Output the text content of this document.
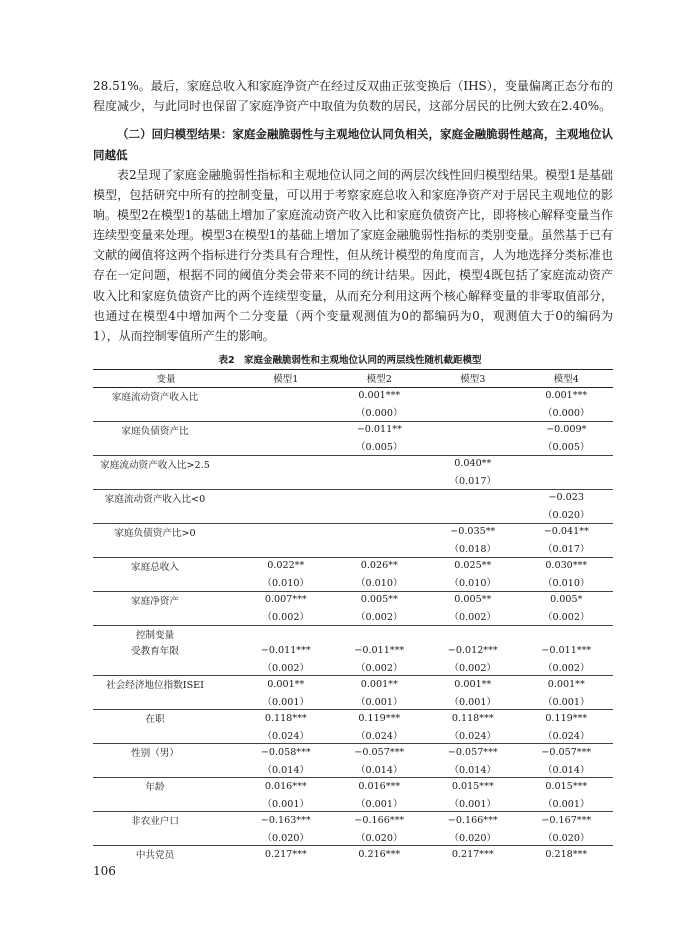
28.51%。最后，家庭总收入和家庭净资产在经过反双曲正弦变换后（IHS），变量偏离正态分布的程度减少，与此同时也保留了家庭净资产中取值为负数的居民，这部分居民的比例大致在2.40%。

（二）回归模型结果：家庭金融脆弱性与主观地位认同负相关，家庭金融脆弱性越高，主观地位认同越低

表2呈现了家庭金融脆弱性指标和主观地位认同之间的两层次线性回归模型结果。模型1是基础模型，包括研究中所有的控制变量，可以用于考察家庭总收入和家庭净资产对于居民主观地位的影响。模型2在模型1的基础上增加了家庭流动资产收入比和家庭负债资产比，即将核心解释变量当作连续型变量来处理。模型3在模型1的基础上增加了家庭金融脆弱性指标的类别变量。虽然基于已有文献的阈值将这两个指标进行分类具有合理性，但从统计模型的角度而言，人为地选择分类标准也存在一定问题，根据不同的阈值分类会带来不同的统计结果。因此，模型4既包括了家庭流动资产收入比和家庭负债资产比的两个连续型变量，从而充分利用这两个核心解释变量的非零取值部分，也通过在模型4中增加两个二分变量（两个变量观测值为0的都编码为0，观测值大于0的编码为1），从而控制零值所产生的影响。

表2　家庭金融脆弱性和主观地位认同的两层线性随机截距模型
变量	模型1	模型2	模型3	模型4
家庭流动资产收入比		0.001***		0.001***
		（0.000）		（0.000）
家庭负债资产比		−0.011**		−0.009*
		（0.005）		（0.005）
家庭流动资产收入比>2.5			0.040**	
			（0.017）	
家庭流动资产收入比<0				−0.023
				（0.020）
家庭负债资产比>0			−0.035**	−0.041**
			（0.018）	（0.017）
家庭总收入	0.022**	0.026**	0.025**	0.030***
	（0.010）	（0.010）	（0.010）	（0.010）
家庭净资产	0.007***	0.005**	0.005**	0.005*
	（0.002）	（0.002）	（0.002）	（0.002）
控制变量				
受教育年限	−0.011***	−0.011***	−0.012***	−0.011***
	（0.002）	（0.002）	（0.002）	（0.002）
社会经济地位指数ISEI	0.001**	0.001**	0.001**	0.001**
	（0.001）	（0.001）	（0.001）	（0.001）
在职	0.118***	0.119***	0.118***	0.119***
	（0.024）	（0.024）	（0.024）	（0.024）
性别（男）	−0.058***	−0.057***	−0.057***	−0.057***
	（0.014）	（0.014）	（0.014）	（0.014）
年龄	0.016***	0.016***	0.015***	0.015***
	（0.001）	（0.001）	（0.001）	（0.001）
非农业户口	−0.163***	−0.166***	−0.166***	−0.167***
	（0.020）	（0.020）	（0.020）	（0.020）
中共党员	0.217***	0.216***	0.217***	0.218***
106
